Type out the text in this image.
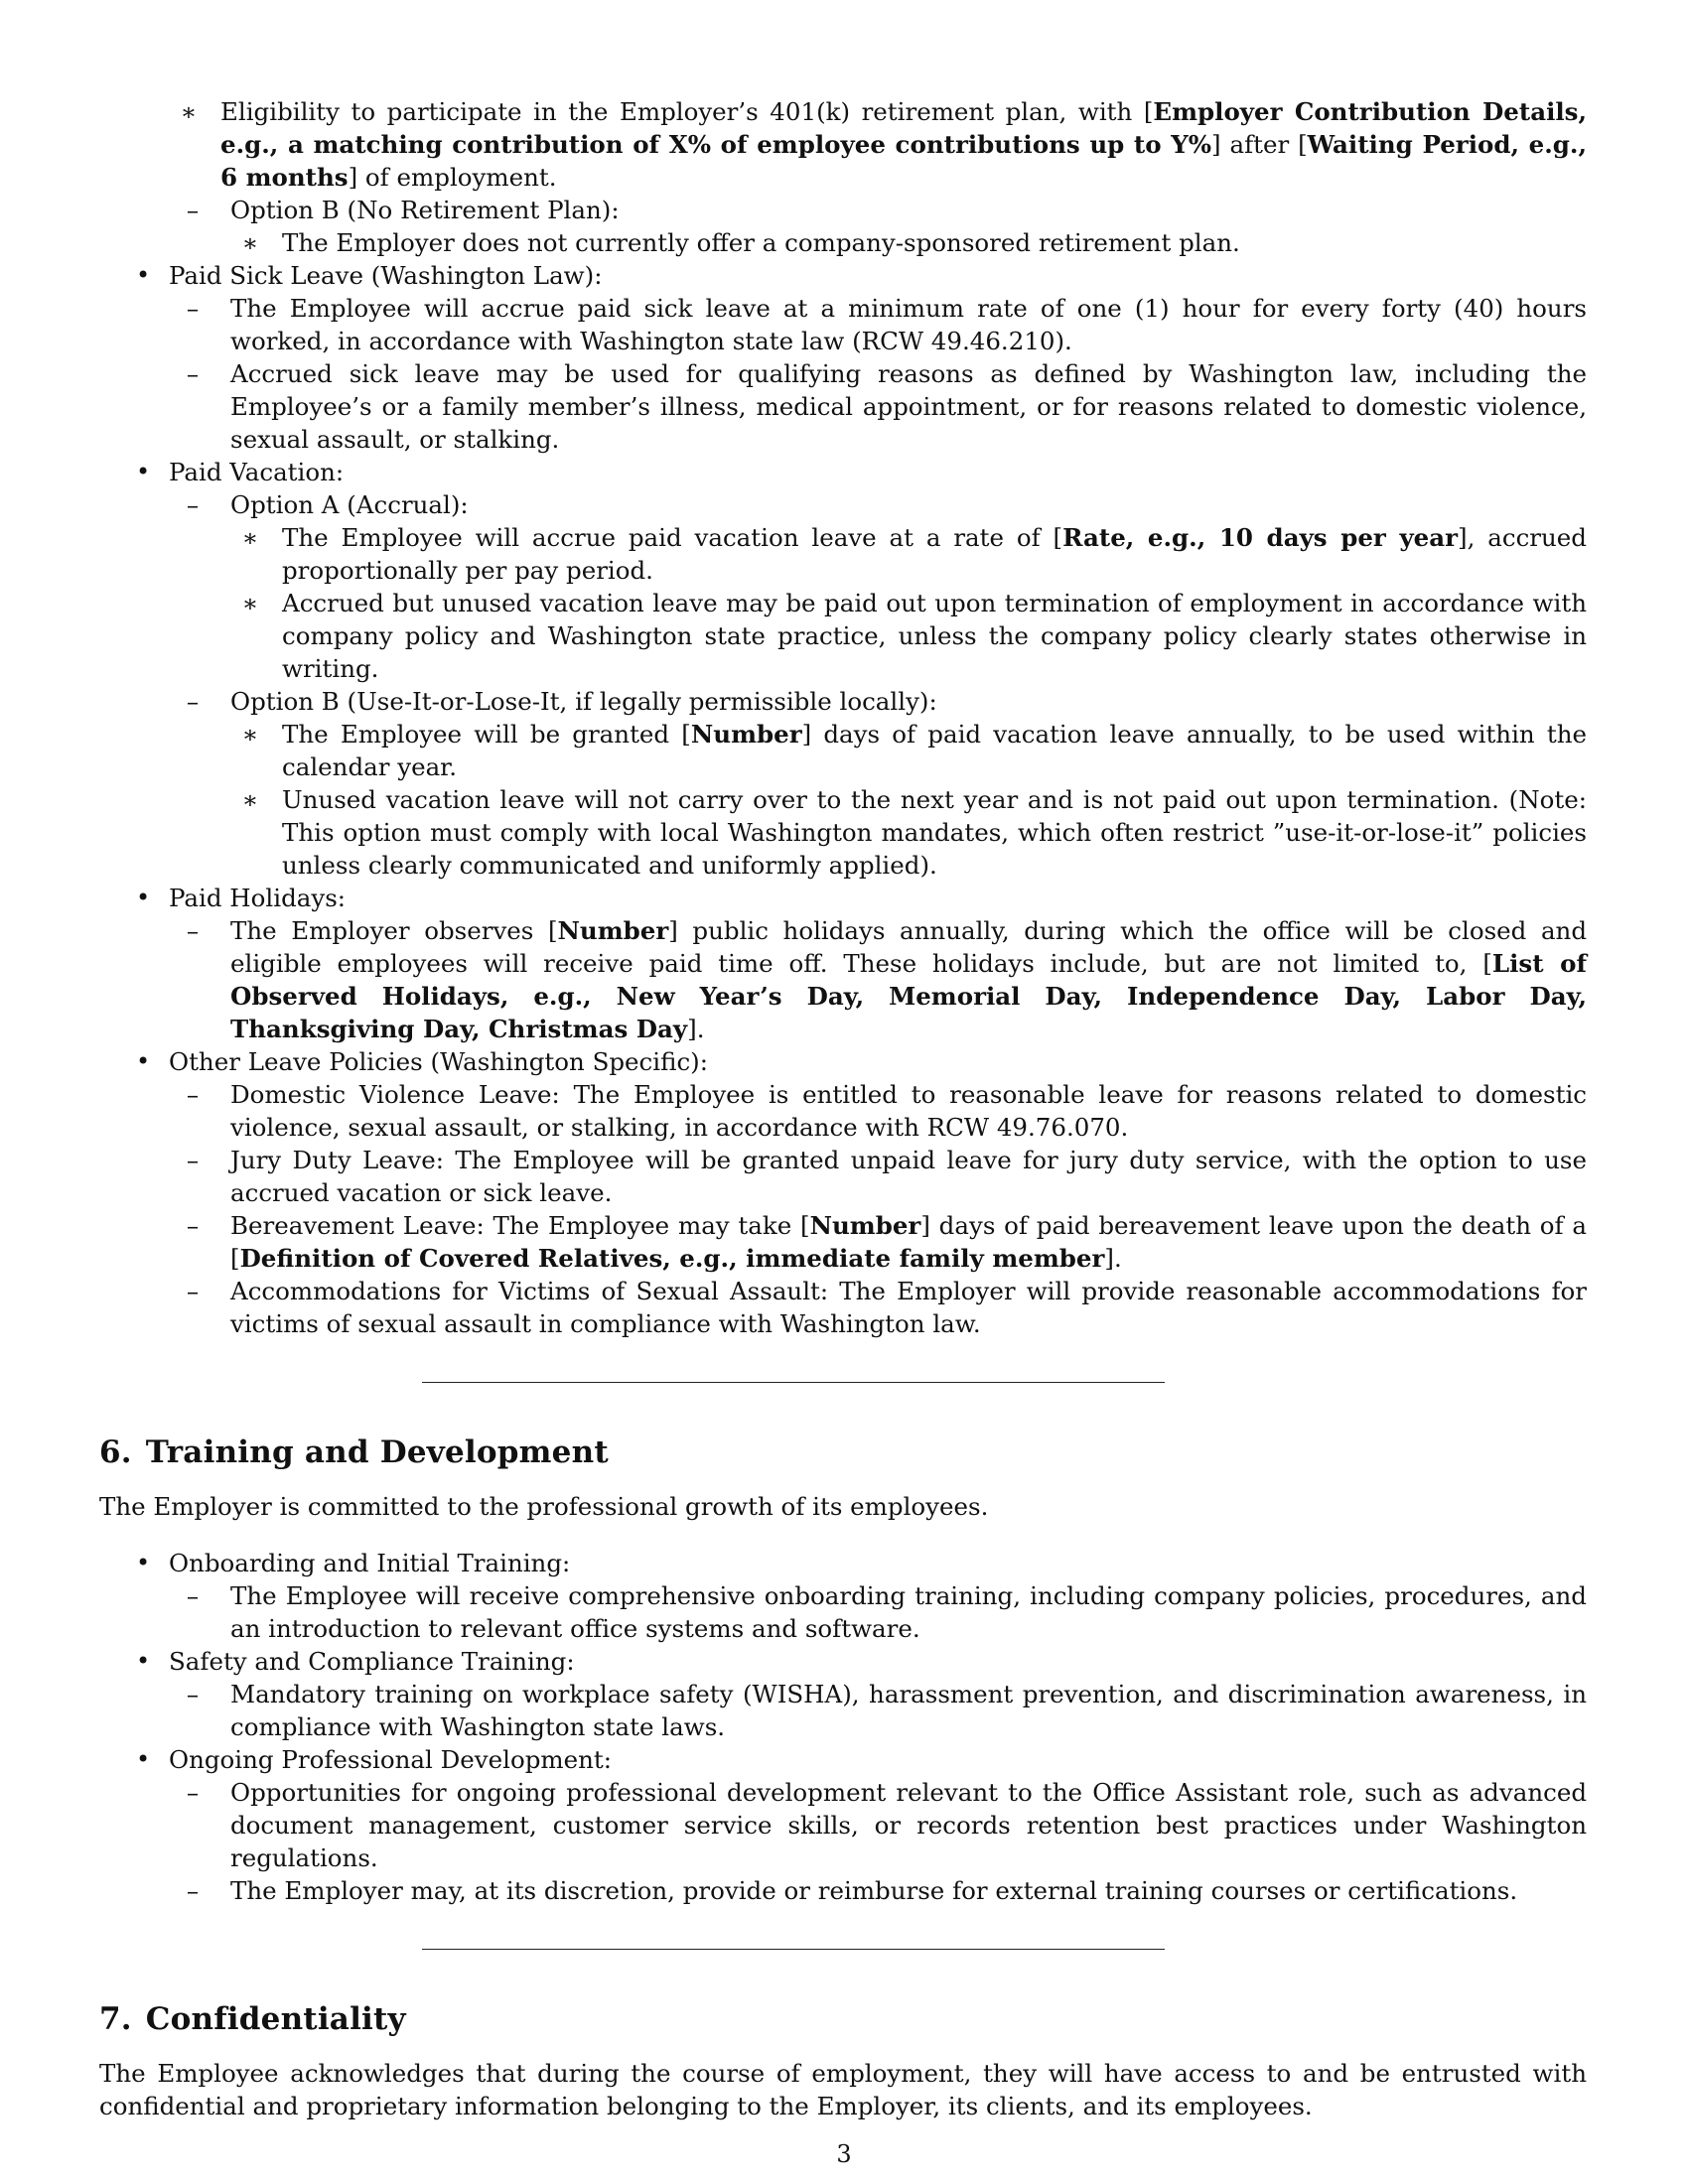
∗ Eligibility to participate in the Employer’s 401(k) retirement plan, with [Employer Contribution Details, e.g., a matching contribution of X% of employee contributions up to Y%] after [Waiting Period, e.g., 6 months] of employment.
– Option B (No Retirement Plan):
∗ The Employer does not currently offer a company-sponsored retirement plan.
• Paid Sick Leave (Washington Law):
– The Employee will accrue paid sick leave at a minimum rate of one (1) hour for every forty (40) hours worked, in accordance with Washington state law (RCW 49.46.210).
– Accrued sick leave may be used for qualifying reasons as defined by Washington law, including the Employee’s or a family member’s illness, medical appointment, or for reasons related to domestic violence, sexual assault, or stalking.
• Paid Vacation:
– Option A (Accrual):
∗ The Employee will accrue paid vacation leave at a rate of [Rate, e.g., 10 days per year], accrued proportionally per pay period.
∗ Accrued but unused vacation leave may be paid out upon termination of employment in accordance with company policy and Washington state practice, unless the company policy clearly states otherwise in writing.
– Option B (Use-It-or-Lose-It, if legally permissible locally):
∗ The Employee will be granted [Number] days of paid vacation leave annually, to be used within the calendar year.
∗ Unused vacation leave will not carry over to the next year and is not paid out upon termination. (Note: This option must comply with local Washington mandates, which often restrict ”use-it-or-lose-it” policies unless clearly communicated and uniformly applied).
• Paid Holidays:
– The Employer observes [Number] public holidays annually, during which the office will be closed and eligible employees will receive paid time off. These holidays include, but are not limited to, [List of Observed Holidays, e.g., New Year’s Day, Memorial Day, Independence Day, Labor Day, Thanksgiving Day, Christmas Day].
• Other Leave Policies (Washington Specific):
– Domestic Violence Leave: The Employee is entitled to reasonable leave for reasons related to domestic violence, sexual assault, or stalking, in accordance with RCW 49.76.070.
– Jury Duty Leave: The Employee will be granted unpaid leave for jury duty service, with the option to use accrued vacation or sick leave.
– Bereavement Leave: The Employee may take [Number] days of paid bereavement leave upon the death of a [Definition of Covered Relatives, e.g., immediate family member].
– Accommodations for Victims of Sexual Assault: The Employer will provide reasonable accommodations for victims of sexual assault in compliance with Washington law.
6. Training and Development

The Employer is committed to the professional growth of its employees.

• Onboarding and Initial Training:
– The Employee will receive comprehensive onboarding training, including company policies, procedures, and an introduction to relevant office systems and software.
• Safety and Compliance Training:
– Mandatory training on workplace safety (WISHA), harassment prevention, and discrimination awareness, in compliance with Washington state laws.
• Ongoing Professional Development:
– Opportunities for ongoing professional development relevant to the Office Assistant role, such as advanced document management, customer service skills, or records retention best practices under Washington regulations.
– The Employer may, at its discretion, provide or reimburse for external training courses or certifications.
7. Confidentiality

The Employee acknowledges that during the course of employment, they will have access to and be entrusted with confidential and proprietary information belonging to the Employer, its clients, and its employees.

3
